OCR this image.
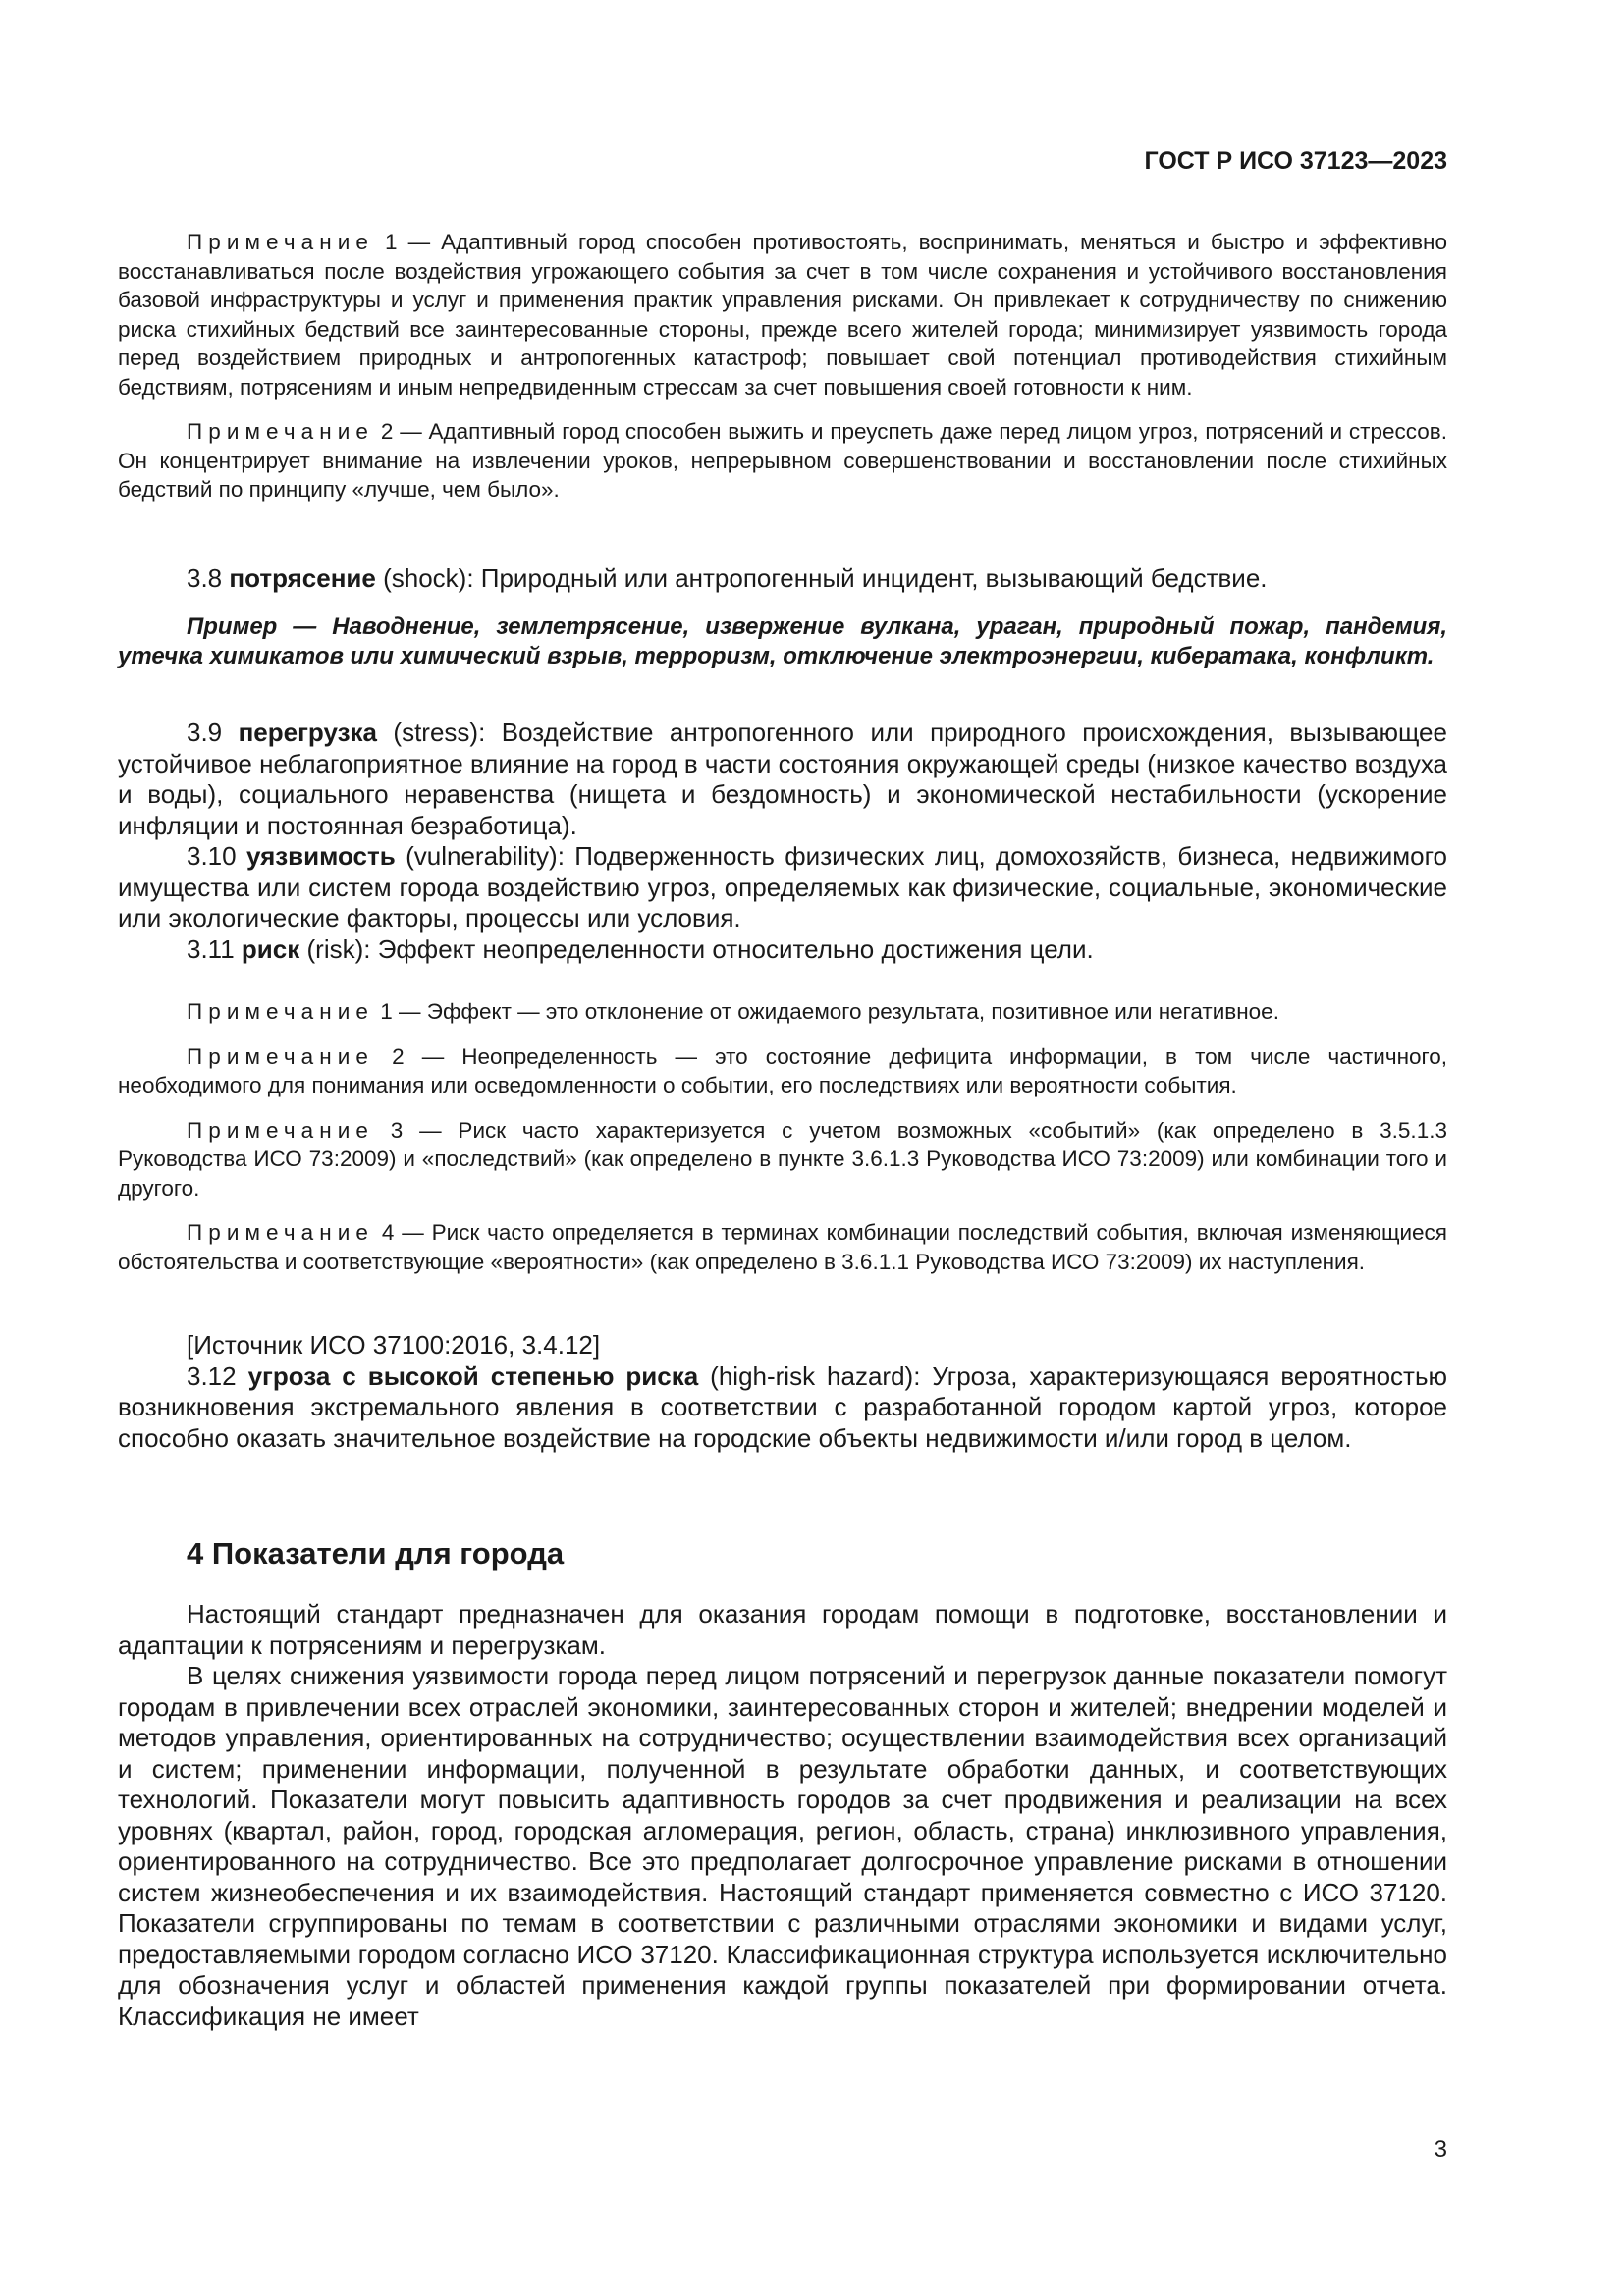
ГОСТ Р ИСО 37123—2023

Примечание 1 — Адаптивный город способен противостоять, воспринимать, меняться и быстро и эффективно восстанавливаться после воздействия угрожающего события за счет в том числе сохранения и устойчивого восстановления базовой инфраструктуры и услуг и применения практик управления рисками. Он привлекает к сотрудничеству по снижению риска стихийных бедствий все заинтересованные стороны, прежде всего жителей города; минимизирует уязвимость города перед воздействием природных и антропогенных катастроф; повышает свой потенциал противодействия стихийным бедствиям, потрясениям и иным непредвиденным стрессам за счет повышения своей готовности к ним.

Примечание 2 — Адаптивный город способен выжить и преуспеть даже перед лицом угроз, потрясений и стрессов. Он концентрирует внимание на извлечении уроков, непрерывном совершенствовании и восстановлении после стихийных бедствий по принципу «лучше, чем было».

3.8 потрясение (shock): Природный или антропогенный инцидент, вызывающий бедствие.

Пример — Наводнение, землетрясение, извержение вулкана, ураган, природный пожар, пандемия, утечка химикатов или химический взрыв, терроризм, отключение электроэнергии, кибератака, конфликт.

3.9 перегрузка (stress): Воздействие антропогенного или природного происхождения, вызывающее устойчивое неблагоприятное влияние на город в части состояния окружающей среды (низкое качество воздуха и воды), социального неравенства (нищета и бездомность) и экономической нестабильности (ускорение инфляции и постоянная безработица).

3.10 уязвимость (vulnerability): Подверженность физических лиц, домохозяйств, бизнеса, недвижимого имущества или систем города воздействию угроз, определяемых как физические, социальные, экономические или экологические факторы, процессы или условия.

3.11 риск (risk): Эффект неопределенности относительно достижения цели.

Примечание 1 — Эффект — это отклонение от ожидаемого результата, позитивное или негативное.

Примечание 2 — Неопределенность — это состояние дефицита информации, в том числе частичного, необходимого для понимания или осведомленности о событии, его последствиях или вероятности события.

Примечание 3 — Риск часто характеризуется с учетом возможных «событий» (как определено в 3.5.1.3 Руководства ИСО 73:2009) и «последствий» (как определено в пункте 3.6.1.3 Руководства ИСО 73:2009) или комбинации того и другого.

Примечание 4 — Риск часто определяется в терминах комбинации последствий события, включая изменяющиеся обстоятельства и соответствующие «вероятности» (как определено в 3.6.1.1 Руководства ИСО 73:2009) их наступления.

[Источник ИСО 37100:2016, 3.4.12]

3.12 угроза с высокой степенью риска (high-risk hazard): Угроза, характеризующаяся вероятностью возникновения экстремального явления в соответствии с разработанной городом картой угроз, которое способно оказать значительное воздействие на городские объекты недвижимости и/или город в целом.

4 Показатели для города

Настоящий стандарт предназначен для оказания городам помощи в подготовке, восстановлении и адаптации к потрясениям и перегрузкам.

В целях снижения уязвимости города перед лицом потрясений и перегрузок данные показатели помогут городам в привлечении всех отраслей экономики, заинтересованных сторон и жителей; внедрении моделей и методов управления, ориентированных на сотрудничество; осуществлении взаимодействия всех организаций и систем; применении информации, полученной в результате обработки данных, и соответствующих технологий. Показатели могут повысить адаптивность городов за счет продвижения и реализации на всех уровнях (квартал, район, город, городская агломерация, регион, область, страна) инклюзивного управления, ориентированного на сотрудничество. Все это предполагает долгосрочное управление рисками в отношении систем жизнеобеспечения и их взаимодействия. Настоящий стандарт применяется совместно с ИСО 37120. Показатели сгруппированы по темам в соответствии с различными отраслями экономики и видами услуг, предоставляемыми городом согласно ИСО 37120. Классификационная структура используется исключительно для обозначения услуг и областей применения каждой группы показателей при формировании отчета. Классификация не имеет

3
